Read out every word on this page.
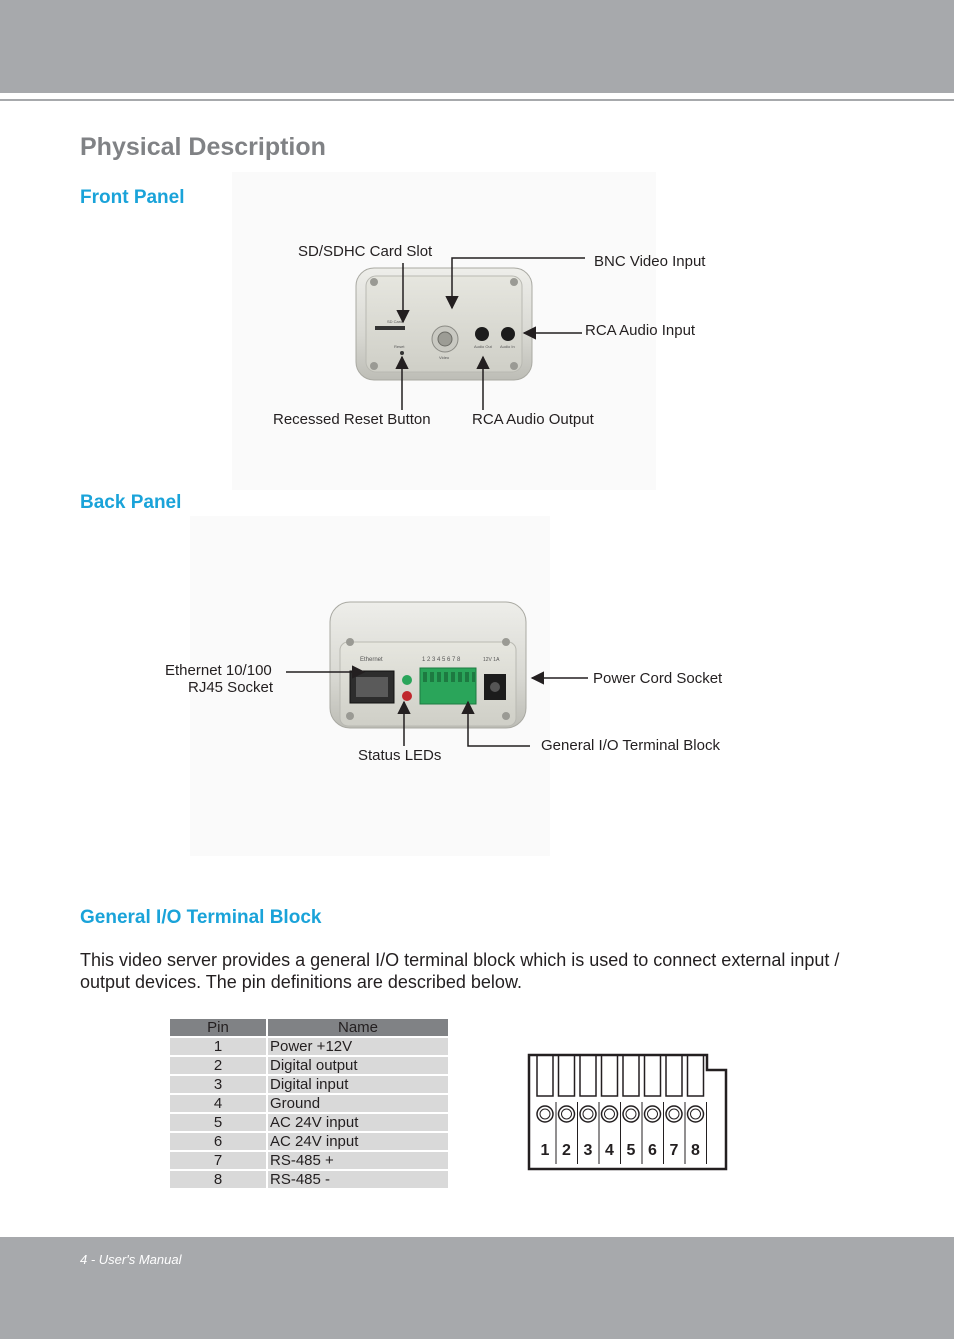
Physical Description
Front Panel
SD Card
Reset
Video
Audio Out Audio In
SD/SDHC Card Slot
BNC Video Input
RCA Audio Input
Recessed Reset Button	RCA Audio Output
Back Panel
Ethernet	1 2 3 4 5 6 7 8	12V 1A
Ethernet 10/100
RJ45 Socket
Power Cord Socket
Status LEDs
General I/O Terminal Block
General I/O Terminal Block
This video server provides a general I/O terminal block which is used to connect external input / output devices. The pin definitions are described below.
Pin	Name
1	Power +12V
2	Digital output
3	Digital input
4	Ground
5	AC 24V input
6	AC 24V input
7	RS-485 +
8	RS-485 -
1 2 3 4 5 6 7 8
4 - User's Manual
